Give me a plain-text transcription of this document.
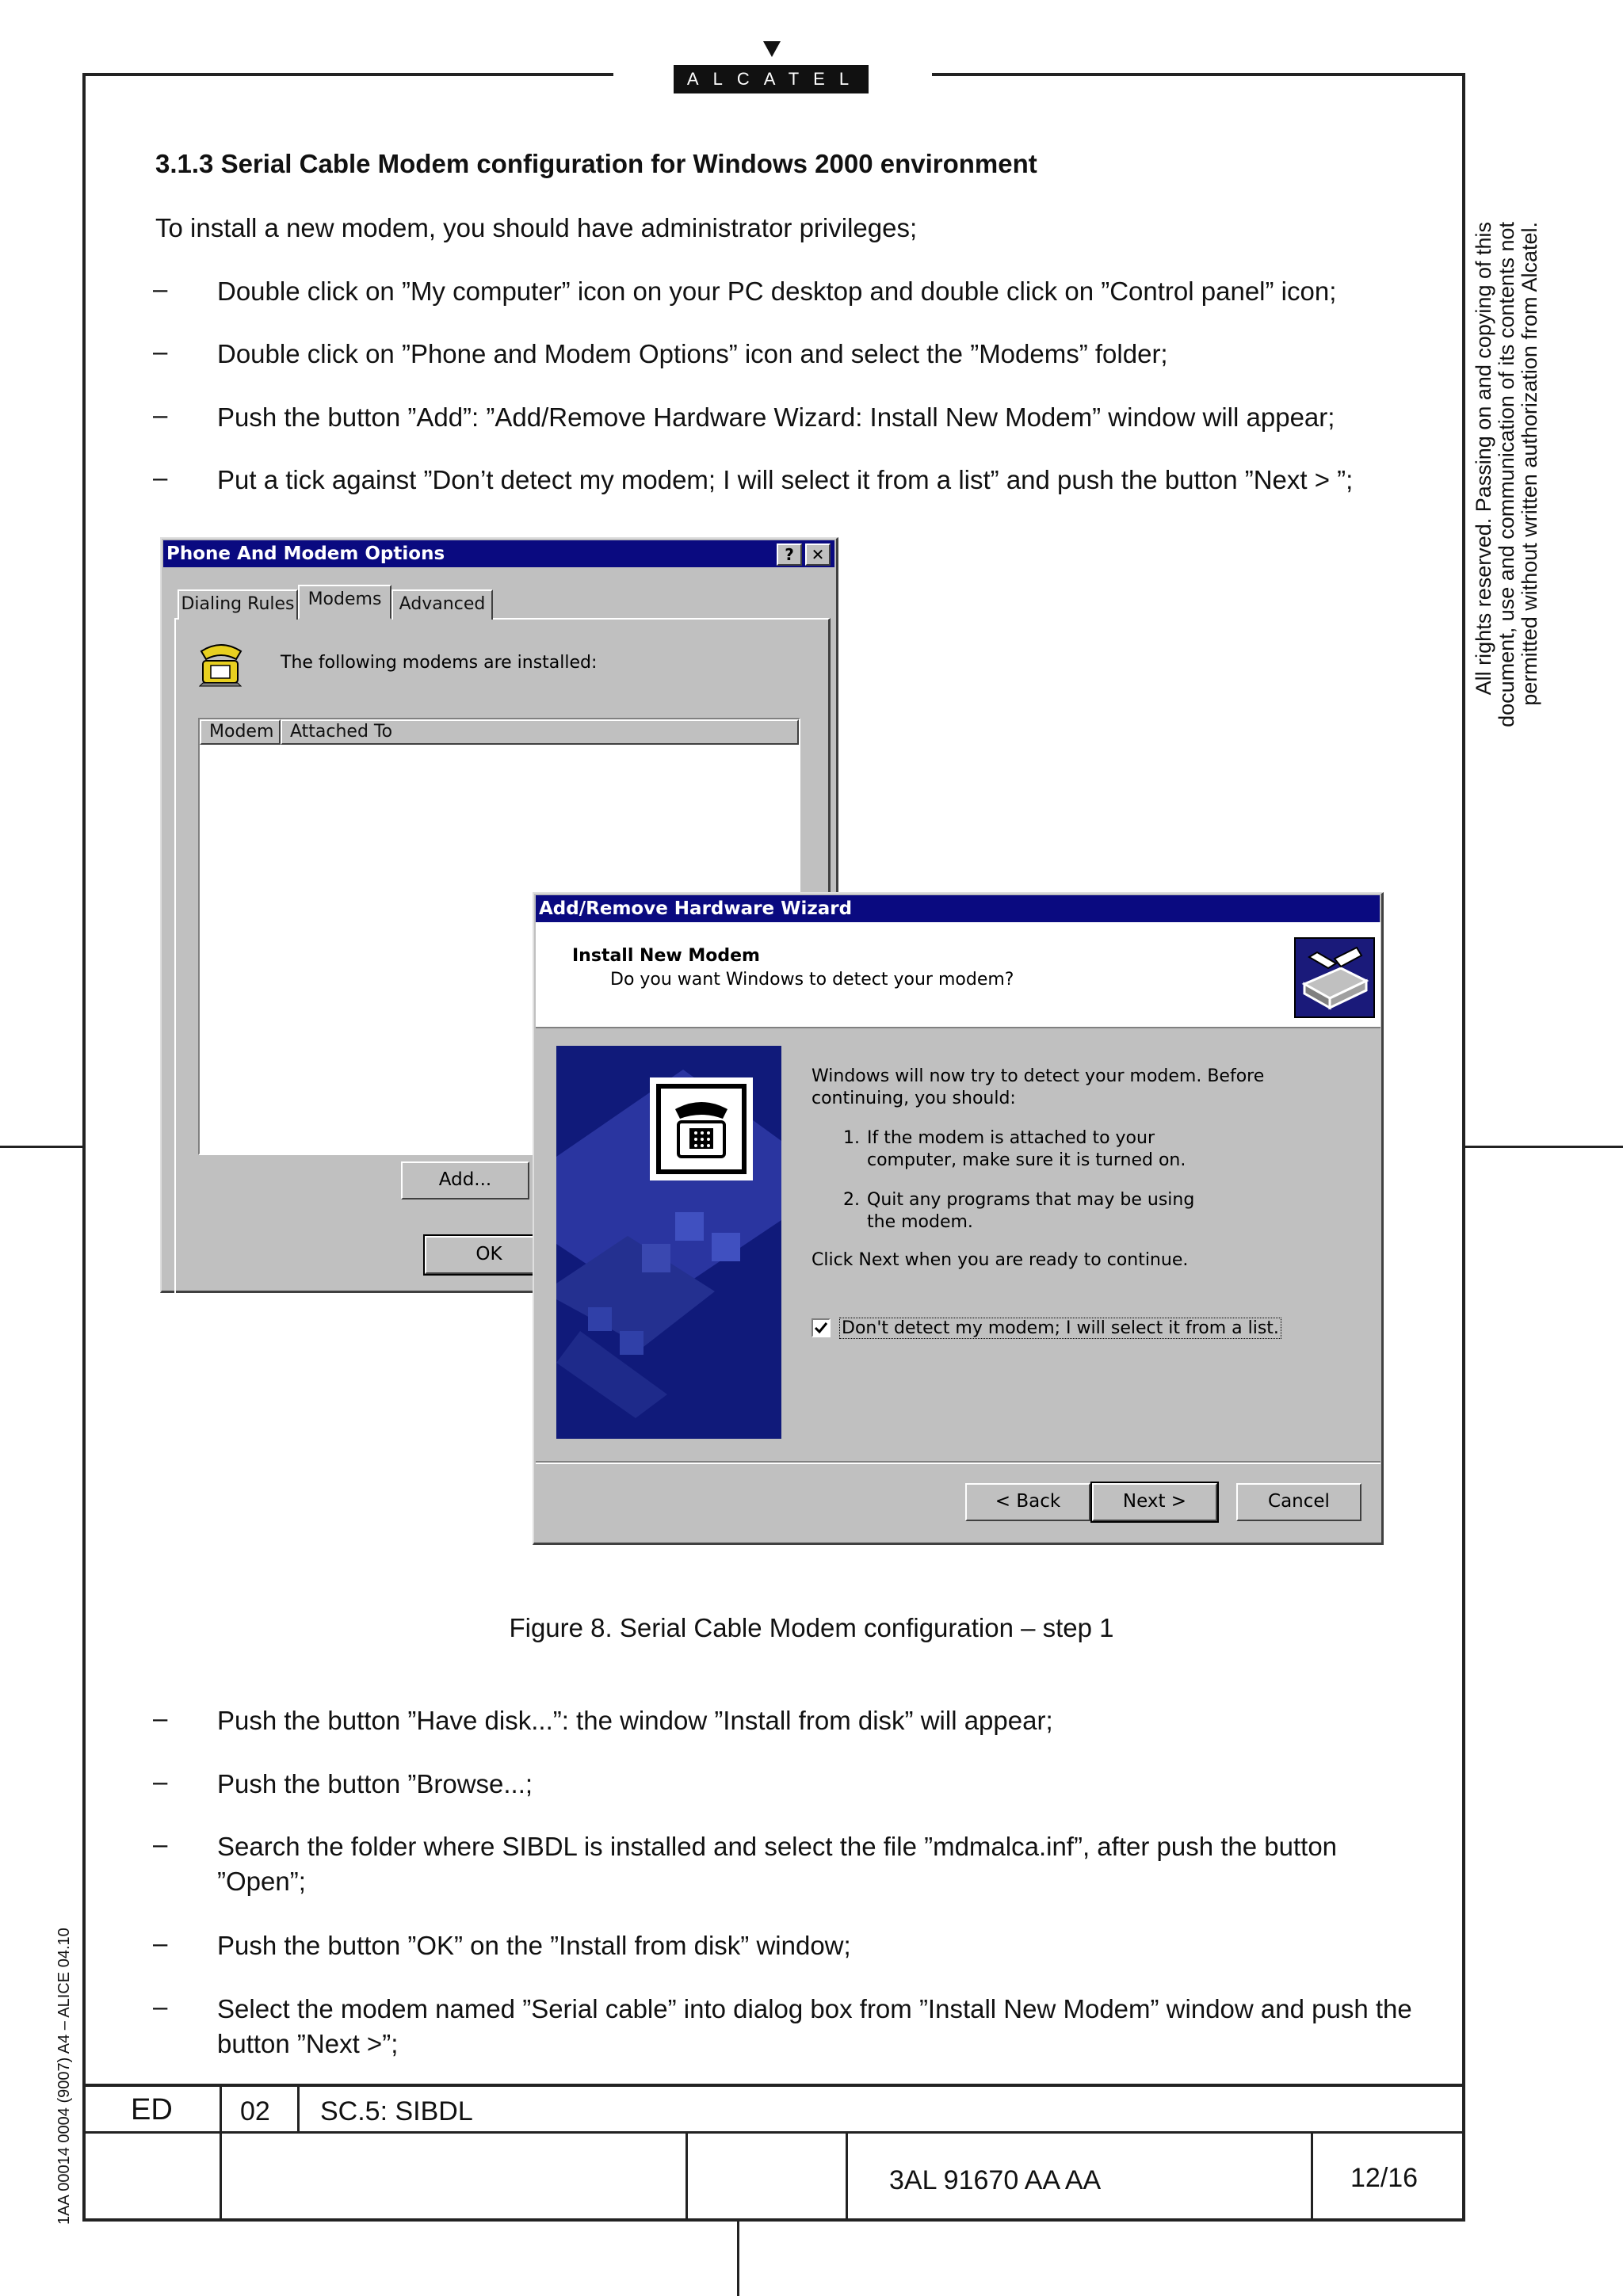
ALCATEL
All rights reserved. Passing on and copying of this document, use and communication of its contents not permitted without written authorization from Alcatel.
1AA 00014 0004 (9007) A4 – ALICE 04.10
3.1.3 Serial Cable Modem configuration for Windows 2000 environment
To install a new modem, you should have administrator privileges;
– Double click on ”My computer” icon on your PC desktop and double click on ”Control panel” icon;
– Double click on ”Phone and Modem Options” icon and select the ”Modems” folder;
– Push the button ”Add”: ”Add/Remove Hardware Wizard: Install New Modem” window will appear;
– Put a tick against ”Don’t detect my modem; I will select it from a list” and push the button ”Next > ”;
Phone And Modem Options	?	✕
Dialing Rules Modems	Advanced
The following modems are installed:
Modem Attached To
Add...
OK
Add/Remove Hardware Wizard
Install New Modem
Do you want Windows to detect your modem?
Windows will now try to detect your modem. Before
continuing, you should:
1. If the modem is attached to your
computer, make sure it is turned on.
2. Quit any programs that may be using
the modem.
Click Next when you are ready to continue.
Don't detect my modem; I will select it from a list.
< Back	Next >	Cancel
Figure 8. Serial Cable Modem configuration – step 1
– Push the button ”Have disk...”: the window ”Install from disk” will appear;
– Push the button ”Browse...;
– Search the folder where SIBDL is installed and select the file ”mdmalca.inf”, after push the button ”Open”;
– Push the button ”OK” on the ”Install from disk” window;
– Select the modem named ”Serial cable” into dialog box from ”Install New Modem” window and push the button ”Next >”;
ED	02 SC.5: SIBDL
3AL 91670 AA AA	12/16
